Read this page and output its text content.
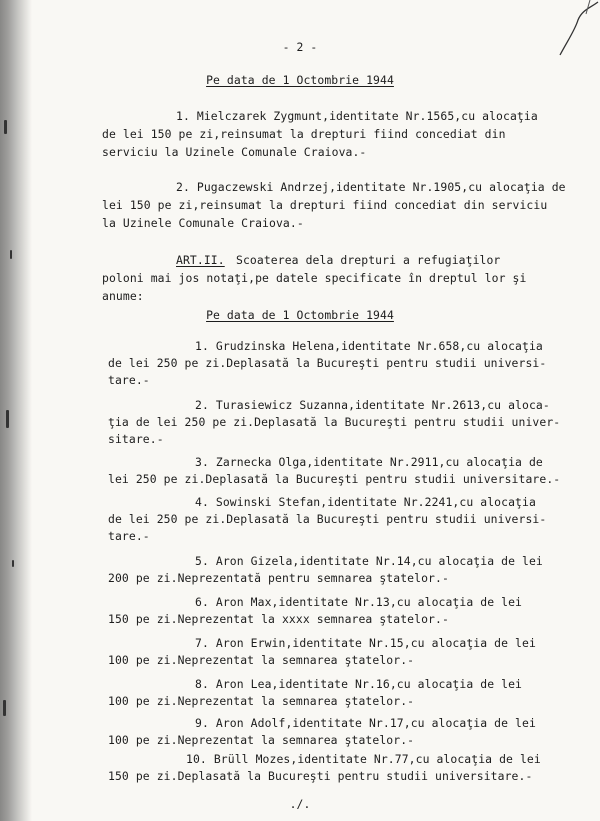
- 2 -
Pe data de 1 Octombrie 1944
1. Mielczarek Zygmunt,identitate Nr.1565,cu alocaţia
de lei 150 pe zi,reinsumat la drepturi fiind concediat din
serviciu la Uzinele Comunale Craiova.-
2. Pugaczewski Andrzej,identitate Nr.1905,cu alocaţia de
lei 150 pe zi,reinsumat la drepturi fiind concediat din serviciu
la Uzinele Comunale Craiova.-
ART.II. Scoaterea dela drepturi a refugiaţilor
poloni mai jos notaţi,pe datele specificate în dreptul lor şi
anume:
Pe data de 1 Octombrie 1944
1. Grudzinska Helena,identitate Nr.658,cu alocaţia
de lei 250 pe zi.Deplasată la Bucureşti pentru studii universi-
tare.-
2. Turasiewicz Suzanna,identitate Nr.2613,cu aloca-
ţia de lei 250 pe zi.Deplasată la Bucureşti pentru studii univer-
sitare.-
3. Zarnecka Olga,identitate Nr.2911,cu alocaţia de
lei 250 pe zi.Deplasată la Bucureşti pentru studii universitare.-
4. Sowinski Stefan,identitate Nr.2241,cu alocaţia
de lei 250 pe zi.Deplasată la Bucureşti pentru studii universi-
tare.-
5. Aron Gizela,identitate Nr.14,cu alocaţia de lei
200 pe zi.Neprezentată pentru semnarea ştatelor.-
6. Aron Max,identitate Nr.13,cu alocaţia de lei
150 pe zi.Neprezentat la xxxx semnarea ştatelor.-
7. Aron Erwin,identitate Nr.15,cu alocaţia de lei
100 pe zi.Neprezentat la semnarea ştatelor.-
8. Aron Lea,identitate Nr.16,cu alocaţia de lei
100 pe zi.Neprezentat la semnarea ştatelor.-
9. Aron Adolf,identitate Nr.17,cu alocaţia de lei
100 pe zi.Neprezentat la semnarea ştatelor.-
10. Brüll Mozes,identitate Nr.77,cu alocaţia de lei
150 pe zi.Deplasată la Bucureşti pentru studii universitare.-
./.
